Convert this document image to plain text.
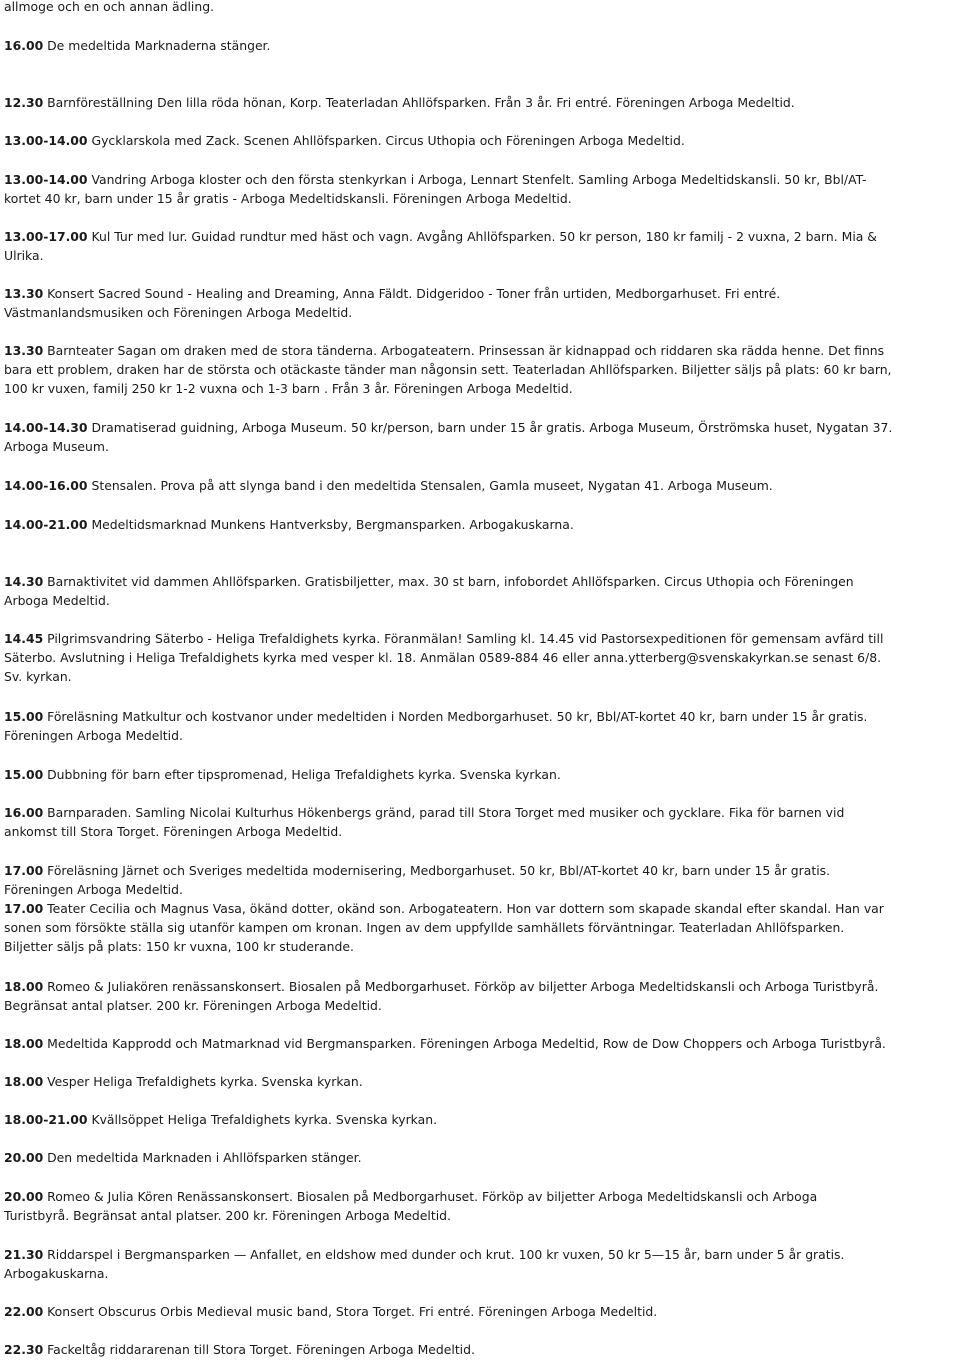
allmoge och en och annan ädling.

16.00 De medeltida Marknaderna stänger.

12.30 Barnföreställning Den lilla röda hönan, Korp. Teaterladan Ahllöfsparken. Från 3 år. Fri entré. Föreningen Arboga Medeltid.

13.00-14.00 Gycklarskola med Zack. Scenen Ahllöfsparken. Circus Uthopia och Föreningen Arboga Medeltid.

13.00-14.00 Vandring Arboga kloster och den första stenkyrkan i Arboga, Lennart Stenfelt. Samling Arboga Medeltidskansli. 50 kr, Bbl/AT-
kortet 40 kr, barn under 15 år gratis - Arboga Medeltidskansli. Föreningen Arboga Medeltid.

13.00-17.00 Kul Tur med lur. Guidad rundtur med häst och vagn. Avgång Ahllöfsparken. 50 kr person, 180 kr familj - 2 vuxna, 2 barn. Mia &
Ulrika.

13.30 Konsert Sacred Sound - Healing and Dreaming, Anna Fäldt. Didgeridoo - Toner från urtiden, Medborgarhuset. Fri entré.
Västmanlandsmusiken och Föreningen Arboga Medeltid.

13.30 Barnteater Sagan om draken med de stora tänderna. Arbogateatern. Prinsessan är kidnappad och riddaren ska rädda henne. Det finns
bara ett problem, draken har de största och otäckaste tänder man någonsin sett. Teaterladan Ahllöfsparken. Biljetter säljs på plats: 60 kr barn,
100 kr vuxen, familj 250 kr 1-2 vuxna och 1-3 barn . Från 3 år. Föreningen Arboga Medeltid.

14.00-14.30 Dramatiserad guidning, Arboga Museum. 50 kr/person, barn under 15 år gratis. Arboga Museum, Örströmska huset, Nygatan 37.
Arboga Museum.

14.00-16.00 Stensalen. Prova på att slynga band i den medeltida Stensalen, Gamla museet, Nygatan 41. Arboga Museum.

14.00-21.00 Medeltidsmarknad Munkens Hantverksby, Bergmansparken. Arbogakuskarna.

14.30 Barnaktivitet vid dammen Ahllöfsparken. Gratisbiljetter, max. 30 st barn, infobordet Ahllöfsparken. Circus Uthopia och Föreningen
Arboga Medeltid.

14.45 Pilgrimsvandring Säterbo - Heliga Trefaldighets kyrka. Föranmälan! Samling kl. 14.45 vid Pastorsexpeditionen för gemensam avfärd till
Säterbo. Avslutning i Heliga Trefaldighets kyrka med vesper kl. 18. Anmälan 0589-884 46 eller anna.ytterberg@svenskakyrkan.se senast 6/8.
Sv. kyrkan.

15.00 Föreläsning Matkultur och kostvanor under medeltiden i Norden Medborgarhuset. 50 kr, Bbl/AT-kortet 40 kr, barn under 15 år gratis.
Föreningen Arboga Medeltid.

15.00 Dubbning för barn efter tipspromenad, Heliga Trefaldighets kyrka. Svenska kyrkan.

16.00 Barnparaden. Samling Nicolai Kulturhus Hökenbergs gränd, parad till Stora Torget med musiker och gycklare. Fika för barnen vid
ankomst till Stora Torget. Föreningen Arboga Medeltid.

17.00 Föreläsning Järnet och Sveriges medeltida modernisering, Medborgarhuset. 50 kr, Bbl/AT-kortet 40 kr, barn under 15 år gratis.
Föreningen Arboga Medeltid.

17.00 Teater Cecilia och Magnus Vasa, ökänd dotter, okänd son. Arbogateatern. Hon var dottern som skapade skandal efter skandal. Han var
sonen som försökte ställa sig utanför kampen om kronan. Ingen av dem uppfyllde samhällets förväntningar. Teaterladan Ahllöfsparken.
Biljetter säljs på plats: 150 kr vuxna, 100 kr studerande.

18.00 Romeo & Juliakören renässanskonsert. Biosalen på Medborgarhuset. Förköp av biljetter Arboga Medeltidskansli och Arboga Turistbyrå.
Begränsat antal platser. 200 kr. Föreningen Arboga Medeltid.

18.00 Medeltida Kapprodd och Matmarknad vid Bergmansparken. Föreningen Arboga Medeltid, Row de Dow Choppers och Arboga Turistbyrå.

18.00 Vesper Heliga Trefaldighets kyrka. Svenska kyrkan.

18.00-21.00 Kvällsöppet Heliga Trefaldighets kyrka. Svenska kyrkan.

20.00 Den medeltida Marknaden i Ahllöfsparken stänger.

20.00 Romeo & Julia Kören Renässanskonsert. Biosalen på Medborgarhuset. Förköp av biljetter Arboga Medeltidskansli och Arboga
Turistbyrå. Begränsat antal platser. 200 kr. Föreningen Arboga Medeltid.

21.30 Riddarspel i Bergmansparken — Anfallet, en eldshow med dunder och krut. 100 kr vuxen, 50 kr 5—15 år, barn under 5 år gratis.
Arbogakuskarna.

22.00 Konsert Obscurus Orbis Medieval music band, Stora Torget. Fri entré. Föreningen Arboga Medeltid.

22.30 Fackeltåg riddararenan till Stora Torget. Föreningen Arboga Medeltid.
